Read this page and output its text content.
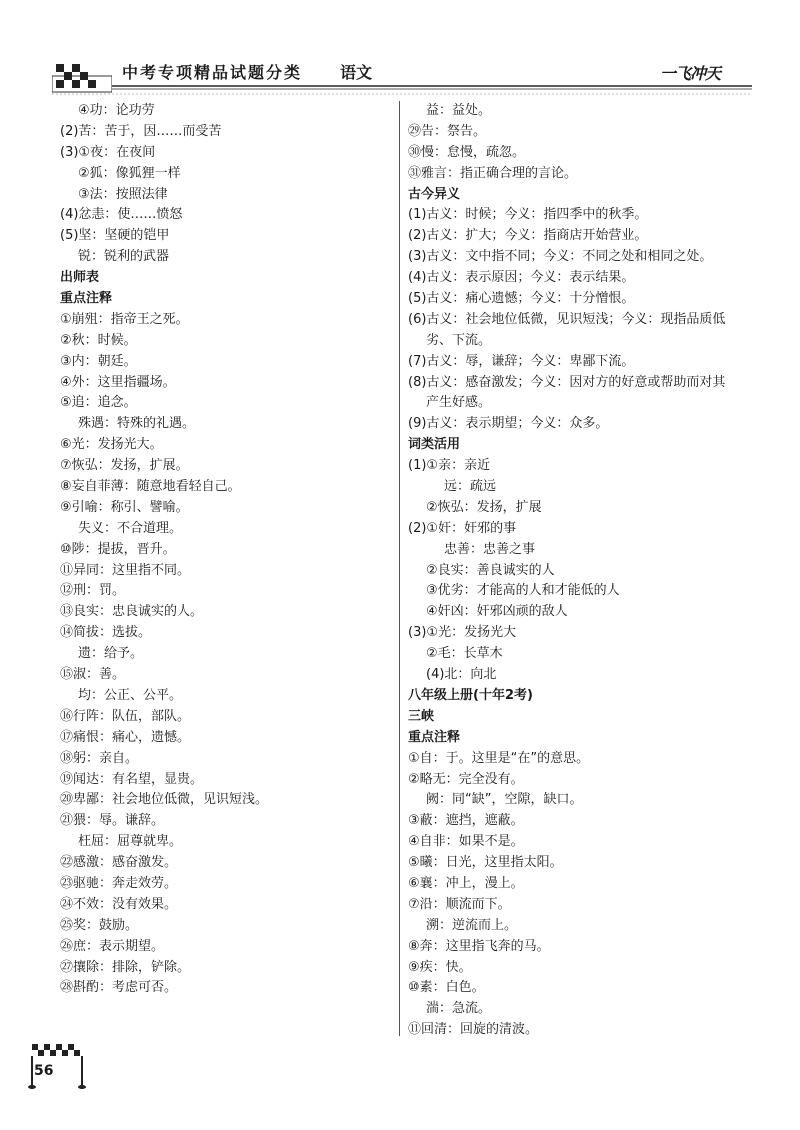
中考专项精品试题分类 语文	一飞冲天
④功：论功劳
(2)苦：苦于，因……而受苦
(3)①夜：在夜间
②狐：像狐狸一样
③法：按照法律
(4)忿恚：使……愤怒
(5)坚：坚硬的铠甲
锐：锐利的武器
出师表
重点注释
①崩殂：指帝王之死。
②秋：时候。
③内：朝廷。
④外：这里指疆场。
⑤追：追念。
殊遇：特殊的礼遇。
⑥光：发扬光大。
⑦恢弘：发扬，扩展。
⑧妄自菲薄：随意地看轻自己。
⑨引喻：称引、譬喻。
失义：不合道理。
⑩陟：提拔，晋升。
⑪异同：这里指不同。
⑫刑：罚。
⑬良实：忠良诚实的人。
⑭简拔：选拔。
遗：给予。
⑮淑：善。
均：公正、公平。
⑯行阵：队伍，部队。
⑰痛恨：痛心，遗憾。
⑱躬：亲自。
⑲闻达：有名望，显贵。
⑳卑鄙：社会地位低微，见识短浅。
㉑猥：辱。谦辞。
枉屈：屈尊就卑。
㉒感激：感奋激发。
㉓驱驰：奔走效劳。
㉔不效：没有效果。
㉕奖：鼓励。
㉖庶：表示期望。
㉗攘除：排除，铲除。
㉘斟酌：考虑可否。
益：益处。
㉙告：祭告。
㉚慢：怠慢，疏忽。
㉛雅言：指正确合理的言论。
古今异义
(1)古义：时候；今义：指四季中的秋季。
(2)古义：扩大；今义：指商店开始营业。
(3)古义：文中指不同；今义：不同之处和相同之处。
(4)古义：表示原因；今义：表示结果。
(5)古义：痛心遗憾；今义：十分憎恨。
(6)古义：社会地位低微，见识短浅；今义：现指品质低
劣、下流。
(7)古义：辱，谦辞；今义：卑鄙下流。
(8)古义：感奋激发；今义：因对方的好意或帮助而对其
产生好感。
(9)古义：表示期望；今义：众多。
词类活用
(1)①亲：亲近
远：疏远
②恢弘：发扬，扩展
(2)①奸：奸邪的事
忠善：忠善之事
②良实：善良诚实的人
③优劣：才能高的人和才能低的人
④奸凶：奸邪凶顽的敌人
(3)①光：发扬光大
②毛：长草木
(4)北：向北
八年级上册(十年2考)
三峡
重点注释
①自：于。这里是“在”的意思。
②略无：完全没有。
阙：同“缺”，空隙，缺口。
③蔽：遮挡，遮蔽。
④自非：如果不是。
⑤曦：日光，这里指太阳。
⑥襄：冲上，漫上。
⑦沿：顺流而下。
溯：逆流而上。
⑧奔：这里指飞奔的马。
⑨疾：快。
⑩素：白色。
湍：急流。
⑪回清：回旋的清波。
56
